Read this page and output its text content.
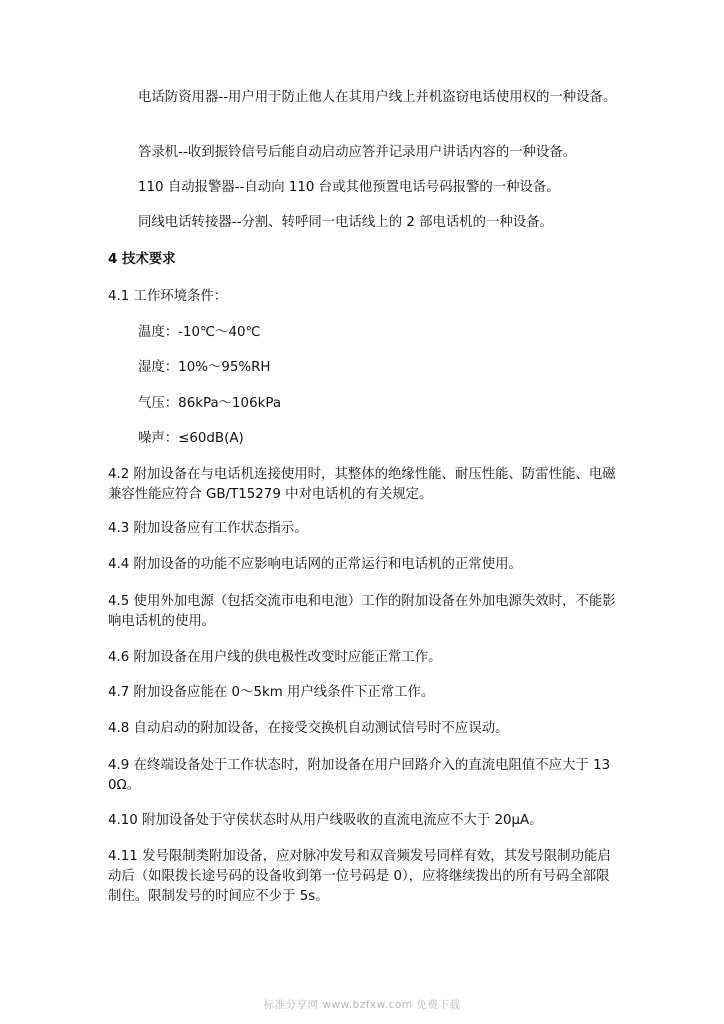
电话防资用器--用户用于防止他人在其用户线上并机盗窃电话使用权的一种设备。
答录机--收到振铃信号后能自动启动应答并记录用户讲话内容的一种设备。
110 自动报警器--自动向 110 台或其他预置电话号码报警的一种设备。
同线电话转接器--分割、转呼同一电话线上的 2 部电话机的一种设备。
4 技术要求
4.1 工作环境条件：
温度：-10℃～40℃
湿度：10%～95%RH
气压：86kPa～106kPa
噪声：≤60dB(A)
4.2 附加设备在与电话机连接使用时，其整体的绝缘性能、耐压性能、防雷性能、电磁兼容性能应符合 GB/T15279 中对电话机的有关规定。
4.3 附加设备应有工作状态指示。
4.4 附加设备的功能不应影响电话网的正常运行和电话机的正常使用。
4.5 使用外加电源（包括交流市电和电池）工作的附加设备在外加电源失效时，不能影响电话机的使用。
4.6 附加设备在用户线的供电极性改变时应能正常工作。
4.7 附加设备应能在 0～5km 用户线条件下正常工作。
4.8 自动启动的附加设备，在接受交换机自动测试信号时不应误动。
4.9 在终端设备处于工作状态时，附加设备在用户回路介入的直流电阻值不应大于 130Ω。
4.10 附加设备处于守侯状态时从用户线吸收的直流电流应不大于 20μA。
4.11 发号限制类附加设备，应对脉冲发号和双音频发号同样有效，其发号限制功能启动后（如限拨长途号码的设备收到第一位号码是 0），应将继续拨出的所有号码全部限制住。限制发号的时间应不少于 5s。
标准分享网 www.bzfxw.com 免费下载
